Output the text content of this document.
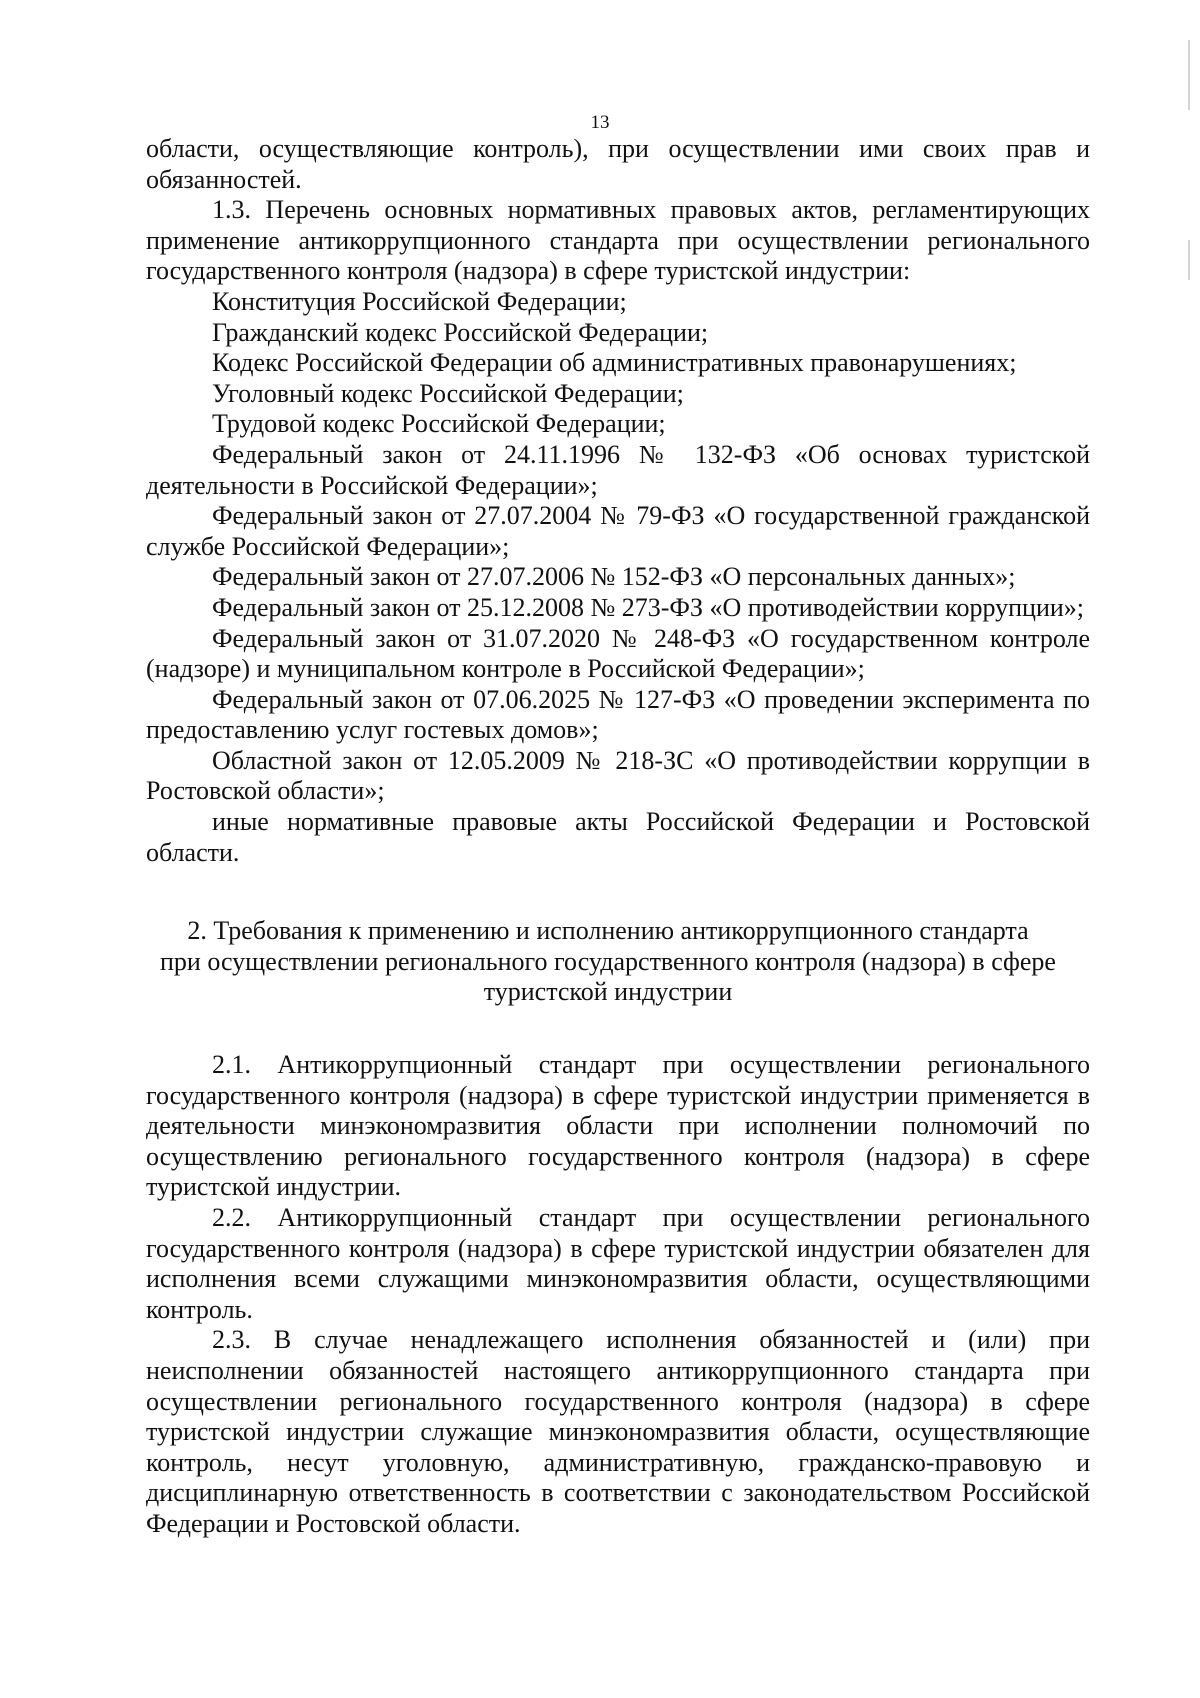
13

области, осуществляющие контроль), при осуществлении ими своих прав и обязанностей.

1.3. Перечень основных нормативных правовых актов, регламентирующих применение антикоррупционного стандарта при осуществлении регионального государственного контроля (надзора) в сфере туристской индустрии:

Конституция Российской Федерации;

Гражданский кодекс Российской Федерации;

Кодекс Российской Федерации об административных правонарушениях;

Уголовный кодекс Российской Федерации;

Трудовой кодекс Российской Федерации;

Федеральный закон от 24.11.1996 № 132-ФЗ «Об основах туристской деятельности в Российской Федерации»;

Федеральный закон от 27.07.2004 № 79-ФЗ «О государственной гражданской службе Российской Федерации»;

Федеральный закон от 27.07.2006 № 152-ФЗ «О персональных данных»;

Федеральный закон от 25.12.2008 № 273-ФЗ «О противодействии коррупции»;

Федеральный закон от 31.07.2020 № 248-ФЗ «О государственном контроле (надзоре) и муниципальном контроле в Российской Федерации»;

Федеральный закон от 07.06.2025 № 127-ФЗ «О проведении эксперимента по предоставлению услуг гостевых домов»;

Областной закон от 12.05.2009 № 218-ЗС «О противодействии коррупции в Ростовской области»;

иные нормативные правовые акты Российской Федерации и Ростовской области.

2. Требования к применению и исполнению антикоррупционного стандарта
при осуществлении регионального государственного контроля (надзора) в сфере
туристской индустрии

2.1. Антикоррупционный стандарт при осуществлении регионального государственного контроля (надзора) в сфере туристской индустрии применяется в деятельности минэкономразвития области при исполнении полномочий по осуществлению регионального государственного контроля (надзора) в сфере туристской индустрии.

2.2. Антикоррупционный стандарт при осуществлении регионального государственного контроля (надзора) в сфере туристской индустрии обязателен для исполнения всеми служащими минэкономразвития области, осуществляющими контроль.

2.3. В случае ненадлежащего исполнения обязанностей и (или) при неисполнении обязанностей настоящего антикоррупционного стандарта при осуществлении регионального государственного контроля (надзора) в сфере туристской индустрии служащие минэкономразвития области, осуществляющие контроль, несут уголовную, административную, гражданско-правовую и дисциплинарную ответственность в соответствии с законодательством Российской Федерации и Ростовской области.
